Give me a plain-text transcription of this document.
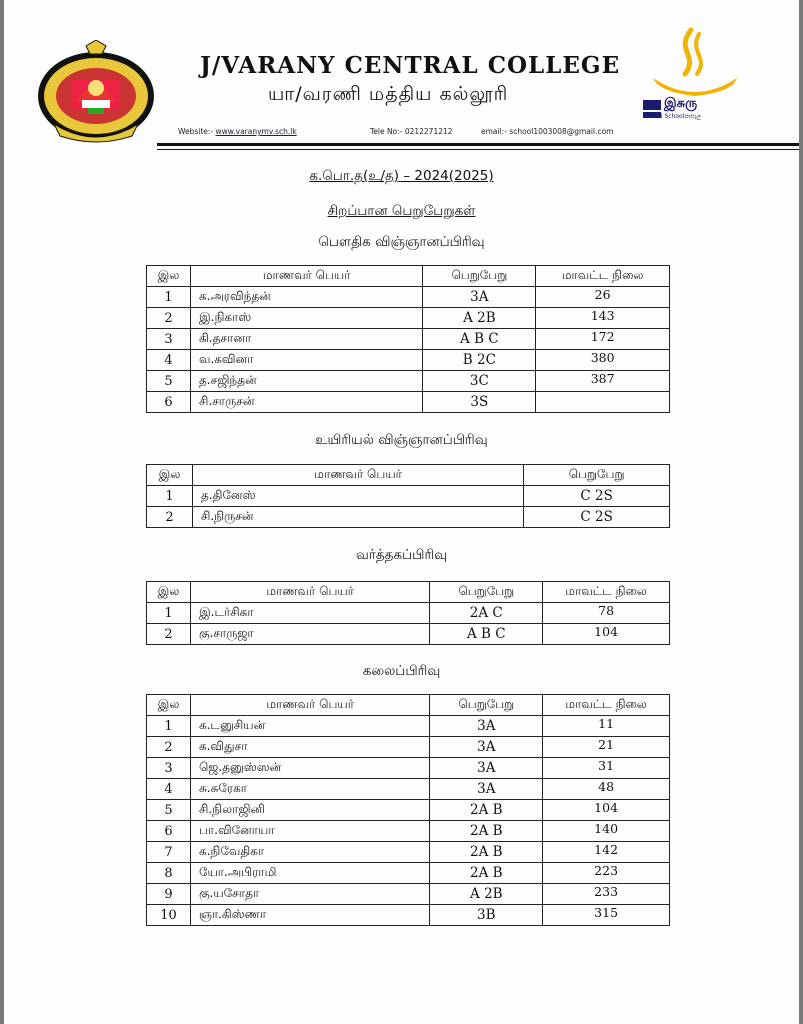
J/VARANY CENTRAL COLLEGE
யா/வரணி மத்திய கல்லூரி
Website:- www.varanymv.sch.lk	Tele No:- 0212271212	email:- school1003008@gmail.com
இசுரு
ISURU Schoolපාසැල
க.பொ.த(உ/த) – 2024(2025)
சிறப்பான பெறுபேறுகள்
பௌதிக விஞ்ஞானப்பிரிவு
இல	மாணவர் பெயர்	பெறுபேறு	மாவட்ட நிலை
1	க.அரவிந்தன்	3A	26
2	இ.நிகாஸ்	A 2B	143
3	கி.தசானா	A B C	172
4	வ.கவினா	B 2C	380
5	த.சஜிந்தன்	3C	387
6	சி.சாருசன்	3S	
உயிரியல் விஞ்ஞானப்பிரிவு
இல	மாணவர் பெயர்	பெறுபேறு
1	த.தினேஸ்	C 2S
2	சி.நிருசன்	C 2S
வர்த்தகப்பிரிவு
இல	மாணவர் பெயர்	பெறுபேறு	மாவட்ட நிலை
1	இ.டர்சிகா	2A C	78
2	கு.சாருஜா	A B C	104
கலைப்பிரிவு
இல	மாணவர் பெயர்	பெறுபேறு	மாவட்ட நிலை
1	க.டனுசியன்	3A	11
2	க.விதுசா	3A	21
3	ஜெ.தனுஸ்ஸன்	3A	31
4	சு.சுரேகா	3A	48
5	சி.நிலாஜினி	2A B	104
6	பா.வினோயா	2A B	140
7	க.நிவேதிகா	2A B	142
8	யோ.அபிராமி	2A B	223
9	கு.யசோதா	A 2B	233
10	ஞா.கிஸ்ணா	3B	315
